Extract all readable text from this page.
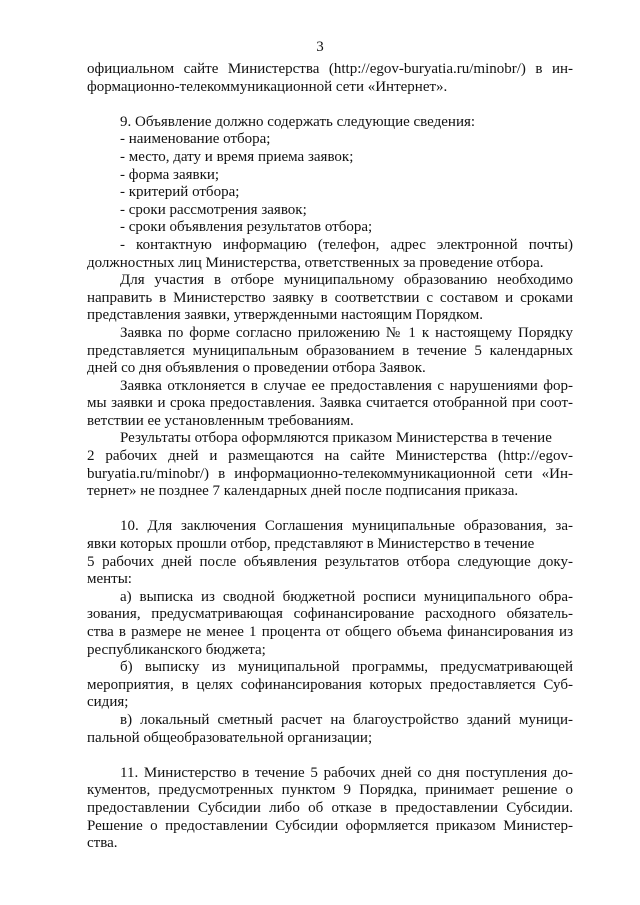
3
официальном сайте Министерства (http://egov-buryatia.ru/minobr/) в ин-
формационно-телекоммуникационной сети «Интернет».
9. Объявление должно содержать следующие сведения:
- наименование отбора;
- место, дату и время приема заявок;
- форма заявки;
- критерий отбора;
- сроки рассмотрения заявок;
- сроки объявления результатов отбора;
- контактную информацию (телефон, адрес электронной почты)
должностных лиц Министерства, ответственных за проведение отбора.
Для участия в отборе муниципальному образованию необходимо
направить в Министерство заявку в соответствии с составом и сроками
представления заявки, утвержденными настоящим Порядком.
Заявка по форме согласно приложению № 1 к настоящему Порядку
представляется муниципальным образованием в течение 5 календарных
дней со дня объявления о проведении отбора Заявок.
Заявка отклоняется в случае ее предоставления с нарушениями фор-
мы заявки и срока предоставления. Заявка считается отобранной при соот-
ветствии ее установленным требованиям.
Результаты отбора оформляются приказом Министерства в течение
2 рабочих дней и размещаются на сайте Министерства (http://egov-
buryatia.ru/minobr/) в информационно-телекоммуникационной сети «Ин-
тернет» не позднее 7 календарных дней после подписания приказа.
10. Для заключения Соглашения муниципальные образования, за-
явки которых прошли отбор, представляют в Министерство в течение
5 рабочих дней после объявления результатов отбора следующие доку-
менты:
а) выписка из сводной бюджетной росписи муниципального обра-
зования, предусматривающая софинансирование расходного обязатель-
ства в размере не менее 1 процента от общего объема финансирования из
республиканского бюджета;
б) выписку из муниципальной программы, предусматривающей
мероприятия, в целях софинансирования которых предоставляется Суб-
сидия;
в) локальный сметный расчет на благоустройство зданий муници-
пальной общеобразовательной организации;
11. Министерство в течение 5 рабочих дней со дня поступления до-
кументов, предусмотренных пунктом 9 Порядка, принимает решение о
предоставлении Субсидии либо об отказе в предоставлении Субсидии.
Решение о предоставлении Субсидии оформляется приказом Министер-
ства.
